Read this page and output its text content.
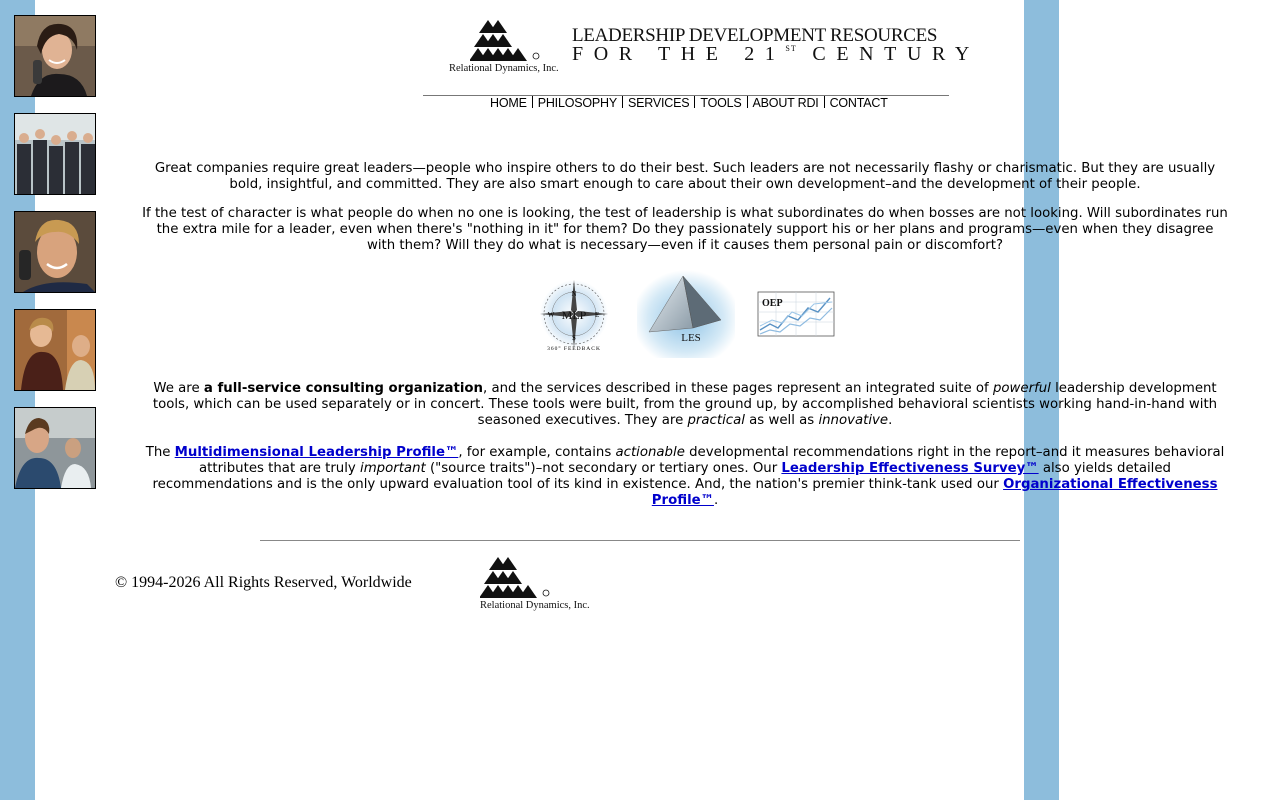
Relational Dynamics, Inc.
LEADERSHIP DEVELOPMENT RESOURCES
FOR THE 21ST CENTURY
HOME PHILOSOPHY SERVICES TOOLS ABOUT RDI CONTACT

Great companies require great leaders—people who inspire others to do their best. Such leaders are not necessarily flashy or charismatic. But they are usually bold, insightful, and committed. They are also smart enough to care about their own development–and the development of their people.

If the test of character is what people do when no one is looking, the test of leadership is what subordinates do when bosses are not looking. Will subordinates run the extra mile for a leader, even when there's "nothing in it" for them? Do they passionately support his or her plans and programs—even when they disagree with them? Will they do what is necessary—even if it causes them personal pain or discomfort?

N
S
W	E
MLP
360° FEEDBACK
LES
OEP

We are a full-service consulting organization, and the services described in these pages represent an integrated suite of powerful leadership development tools, which can be used separately or in concert. These tools were built, from the ground up, by accomplished behavioral scientists working hand-in-hand with seasoned executives. They are practical as well as innovative.

The Multidimensional Leadership Profile™, for example, contains actionable developmental recommendations right in the report–and it measures behavioral attributes that are truly important ("source traits")–not secondary or tertiary ones. Our Leadership Effectiveness Survey™ also yields detailed recommendations and is the only upward evaluation tool of its kind in existence. And, the nation's premier think-tank used our Organizational Effectiveness Profile™.

© 1994-2026 All Rights Reserved, Worldwide
Relational Dynamics, Inc.
